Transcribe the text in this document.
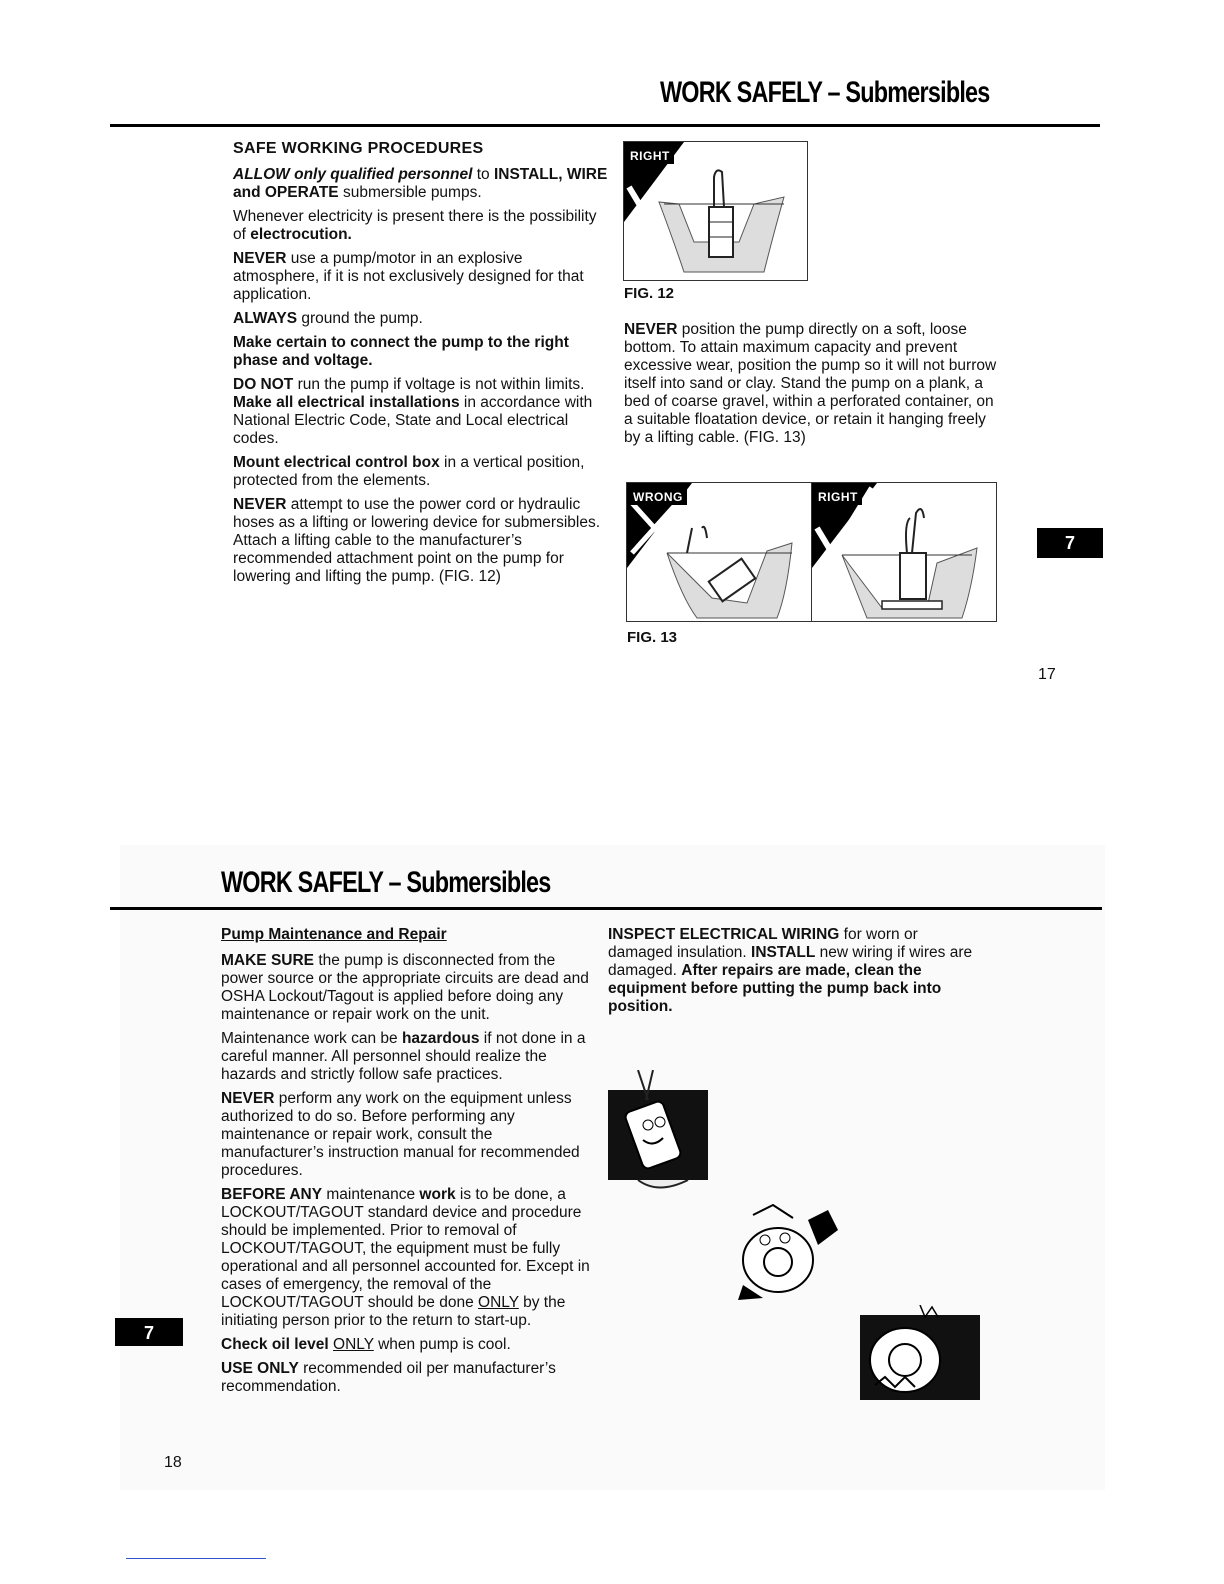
WORK SAFELY – Submersibles
SAFE WORKING PROCEDURES

ALLOW only qualified personnel to INSTALL, WIRE and OPERATE submersible pumps.

Whenever electricity is present there is the possibility of electrocution.

NEVER use a pump/motor in an explosive atmosphere, if it is not exclusively designed for that application.

ALWAYS ground the pump.

Make certain to connect the pump to the right phase and voltage.

DO NOT run the pump if voltage is not within limits. Make all electrical installations in accordance with National Electric Code, State and Local electrical codes.

Mount electrical control box in a vertical position, protected from the elements.

NEVER attempt to use the power cord or hydraulic hoses as a lifting or lowering device for submersibles. Attach a lifting cable to the manufacturer’s recommended attachment point on the pump for lowering and lifting the pump. (FIG. 12)

RIGHT
FIG. 12

NEVER position the pump directly on a soft, loose bottom. To attain maximum capacity and prevent excessive wear, position the pump so it will not burrow itself into sand or clay. Stand the pump on a plank, a bed of coarse gravel, within a perforated container, on a suitable floatation device, or retain it hanging freely by a lifting cable. (FIG. 13)

WRONG	RIGHT
FIG. 13
7
17
WORK SAFELY – Submersibles

Pump Maintenance and Repair

MAKE SURE the pump is disconnected from the power source or the appropriate circuits are dead and OSHA Lockout/Tagout is applied before doing any maintenance or repair work on the unit.

Maintenance work can be hazardous if not done in a careful manner. All personnel should realize the hazards and strictly follow safe practices.

NEVER perform any work on the equipment unless authorized to do so. Before performing any maintenance or repair work, consult the manufacturer’s instruction manual for recommended procedures.

BEFORE ANY maintenance work is to be done, a LOCKOUT/TAGOUT standard device and procedure should be implemented. Prior to removal of LOCKOUT/TAGOUT, the equipment must be fully operational and all personnel accounted for. Except in cases of emergency, the removal of the LOCKOUT/TAGOUT should be done ONLY by the initiating person prior to the return to start-up.

Check oil level ONLY when pump is cool.

USE ONLY recommended oil per manufacturer’s recommendation.

INSPECT ELECTRICAL WIRING for worn or damaged insulation. INSTALL new wiring if wires are damaged. After repairs are made, clean the equipment before putting the pump back into position.

7
18
